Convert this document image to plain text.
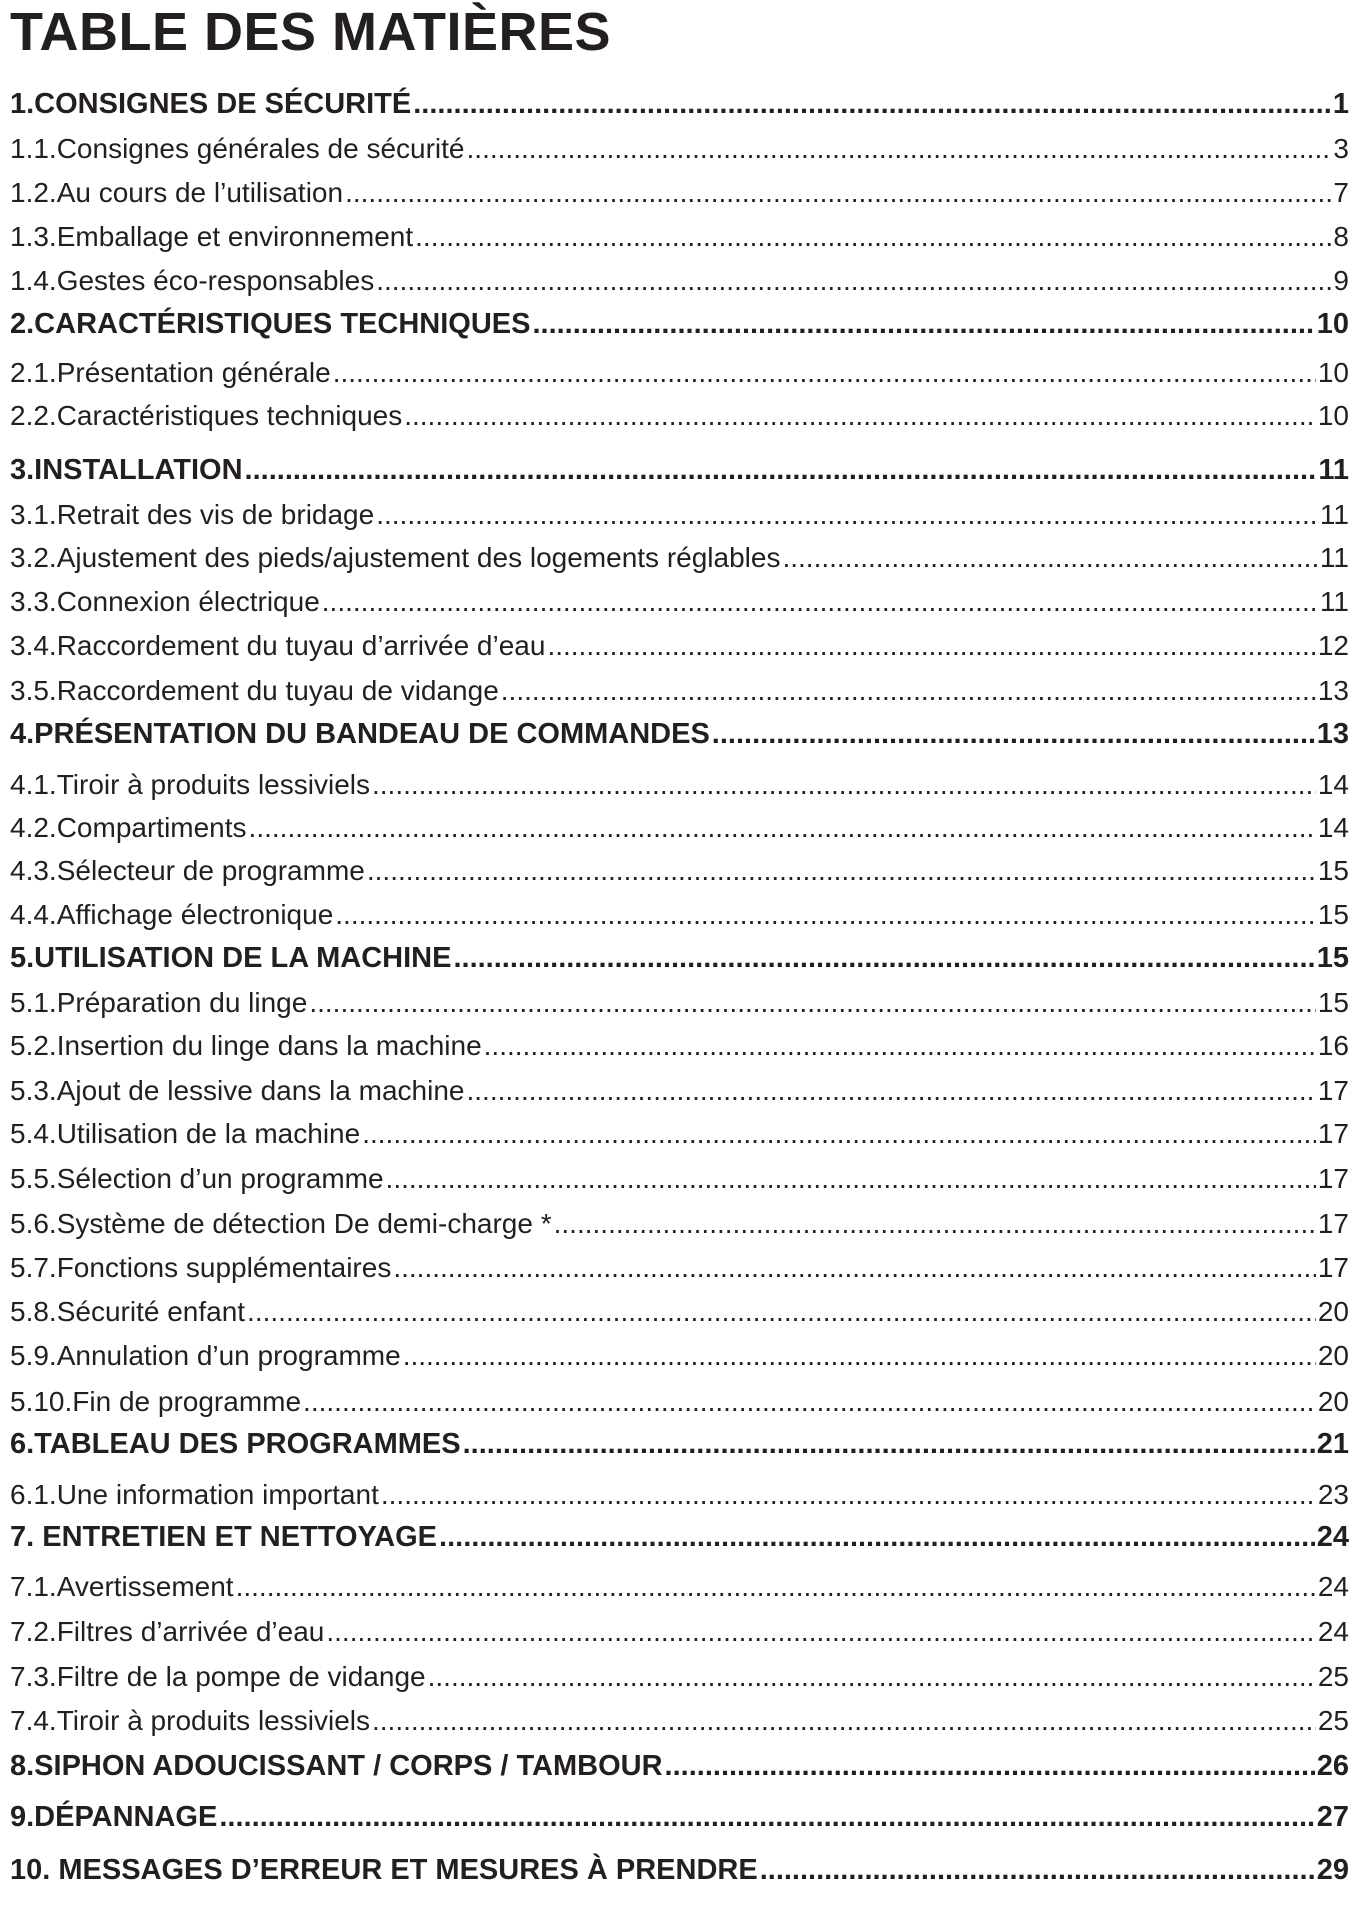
TABLE DES MATIÈRES
1.CONSIGNES DE SÉCURITÉ .....	1
1.1.Consignes générales de sécurité .....	3
1.2.Au cours de l’utilisation .....	7
1.3.Emballage et environnement .....	8
1.4.Gestes éco-responsables .....	9
2.CARACTÉRISTIQUES TECHNIQUES .....	10
2.1.Présentation générale .....	10
2.2.Caractéristiques techniques .....	10
3.INSTALLATION .....	11
3.1.Retrait des vis de bridage .....	11
3.2.Ajustement des pieds/ajustement des logements réglables .....	11
3.3.Connexion électrique .....	11
3.4.Raccordement du tuyau d’arrivée d’eau .....	12
3.5.Raccordement du tuyau de vidange .....	13
4.PRÉSENTATION DU BANDEAU DE COMMANDES .....	13
4.1.Tiroir à produits lessiviels .....	14
4.2.Compartiments .....	14
4.3.Sélecteur de programme .....	15
4.4.Affichage électronique .....	15
5.UTILISATION DE LA MACHINE .....	15
5.1.Préparation du linge .....	15
5.2.Insertion du linge dans la machine .....	16
5.3.Ajout de lessive dans la machine .....	17
5.4.Utilisation de la machine .....	17
5.5.Sélection d’un programme .....	17
5.6.Système de détection De demi-charge * .....	17
5.7.Fonctions supplémentaires .....	17
5.8.Sécurité enfant .....	20
5.9.Annulation d’un programme .....	20
5.10.Fin de programme .....	20
6.TABLEAU DES PROGRAMMES .....	21
6.1.Une information important .....	23
7. ENTRETIEN ET NETTOYAGE .....	24
7.1.Avertissement .....	24
7.2.Filtres d’arrivée d’eau .....	24
7.3.Filtre de la pompe de vidange .....	25
7.4.Tiroir à produits lessiviels .....	25
8.SIPHON ADOUCISSANT / CORPS / TAMBOUR .....	26
9.DÉPANNAGE .....	27
10. MESSAGES D’ERREUR ET MESURES À PRENDRE .....	29
